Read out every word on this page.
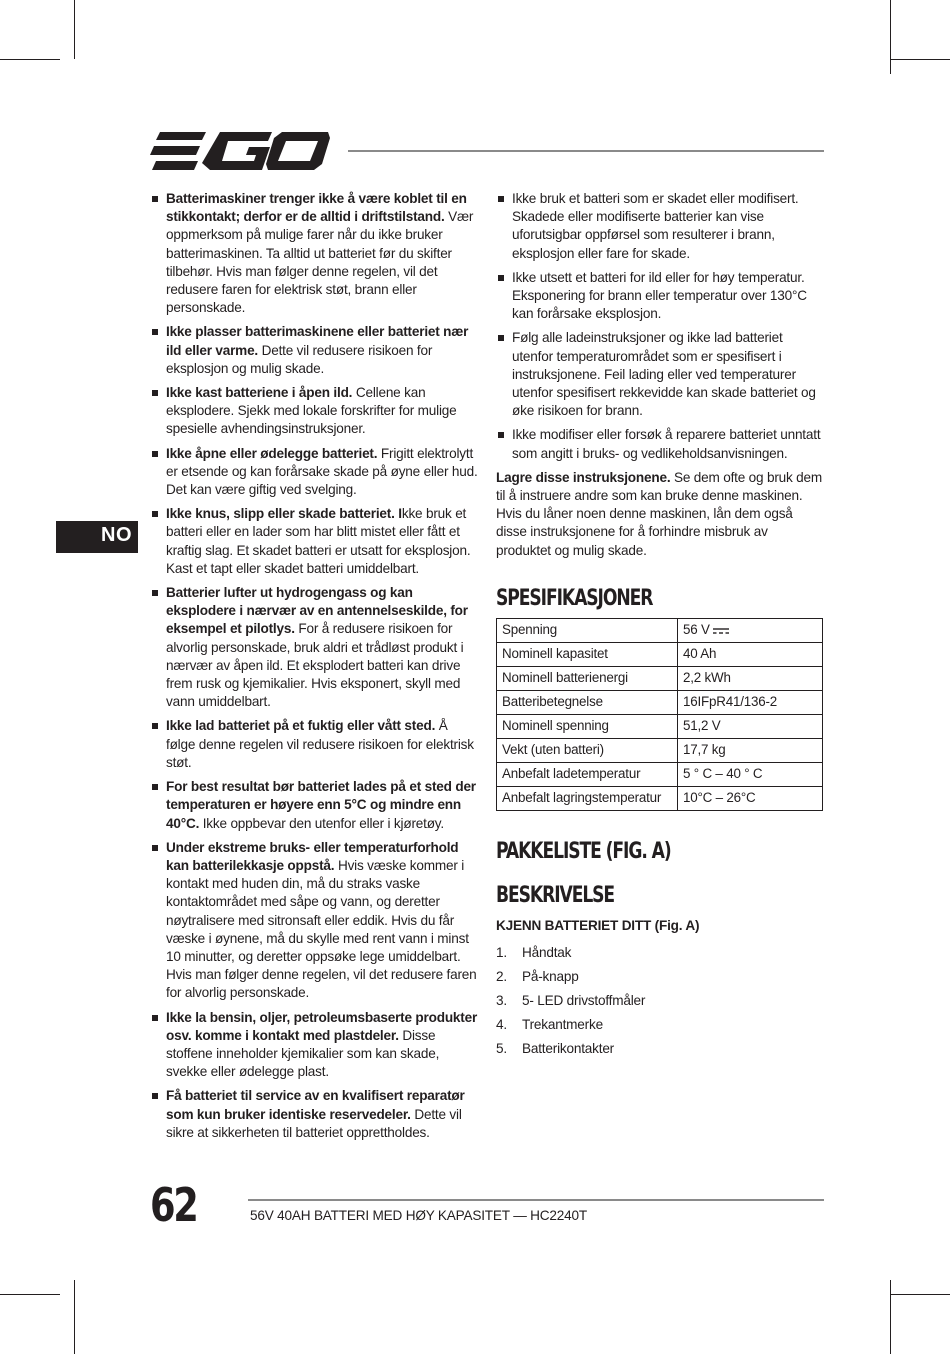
NO
Batterimaskiner trenger ikke å være koblet til en stikkontakt; derfor er de alltid i driftstilstand. Vær oppmerksom på mulige farer når du ikke bruker batterimaskinen. Ta alltid ut batteriet før du skifter tilbehør. Hvis man følger denne regelen, vil det redusere faren for elektrisk støt, brann eller personskade.
Ikke plasser batterimaskinene eller batteriet nær ild eller varme. Dette vil redusere risikoen for eksplosjon og mulig skade.
Ikke kast batteriene i åpen ild. Cellene kan eksplodere. Sjekk med lokale forskrifter for mulige spesielle avhendingsinstruksjoner.
Ikke åpne eller ødelegge batteriet. Frigitt elektrolytt er etsende og kan forårsake skade på øyne eller hud. Det kan være giftig ved svelging.
Ikke knus, slipp eller skade batteriet. Ikke bruk et batteri eller en lader som har blitt mistet eller fått et kraftig slag. Et skadet batteri er utsatt for eksplosjon. Kast et tapt eller skadet batteri umiddelbart.
Batterier lufter ut hydrogengass og kan eksplodere i nærvær av en antennelseskilde, for eksempel et pilotlys. For å redusere risikoen for alvorlig personskade, bruk aldri et trådløst produkt i nærvær av åpen ild. Et eksplodert batteri kan drive frem rusk og kjemikalier. Hvis eksponert, skyll med vann umiddelbart.
Ikke lad batteriet på et fuktig eller vått sted. Å følge denne regelen vil redusere risikoen for elektrisk støt.
For best resultat bør batteriet lades på et sted der temperaturen er høyere enn 5°C og mindre enn 40°C. Ikke oppbevar den utenfor eller i kjøretøy.
Under ekstreme bruks- eller temperaturforhold kan batterilekkasje oppstå. Hvis væske kommer i kontakt med huden din, må du straks vaske kontaktområdet med såpe og vann, og deretter nøytralisere med sitronsaft eller eddik. Hvis du får væske i øynene, må du skylle med rent vann i minst 10 minutter, og deretter oppsøke lege umiddelbart. Hvis man følger denne regelen, vil det redusere faren for alvorlig personskade.
Ikke la bensin, oljer, petroleumsbaserte produkter osv. komme i kontakt med plastdeler. Disse stoffene inneholder kjemikalier som kan skade, svekke eller ødelegge plast.
Få batteriet til service av en kvalifisert reparatør som kun bruker identiske reservedeler. Dette vil sikre at sikkerheten til batteriet opprettholdes.
Ikke bruk et batteri som er skadet eller modifisert. Skadede eller modifiserte batterier kan vise uforutsigbar oppførsel som resulterer i brann, eksplosjon eller fare for skade.
Ikke utsett et batteri for ild eller for høy temperatur. Eksponering for brann eller temperatur over 130°C kan forårsake eksplosjon.
Følg alle ladeinstruksjoner og ikke lad batteriet utenfor temperaturområdet som er spesifisert i instruksjonene. Feil lading eller ved temperaturer utenfor spesifisert rekkevidde kan skade batteriet og øke risikoen for brann.
Ikke modifiser eller forsøk å reparere batteriet unntatt som angitt i bruks- og vedlikeholdsanvisningen.

Lagre disse instruksjonene. Se dem ofte og bruk dem til å instruere andre som kan bruke denne maskinen. Hvis du låner noen denne maskinen, lån dem også disse instruksjonene for å forhindre misbruk av produktet og mulig skade.

SPESIFIKASJONER
Spenning	56 V
Nominell kapasitet	40 Ah
Nominell batterienergi	2,2 kWh
Batteribetegnelse	16IFpR41/136-2
Nominell spenning	51,2 V
Vekt (uten batteri)	17,7 kg
Anbefalt ladetemperatur	5 ° C – 40 ° C
Anbefalt lagringstemperatur	10°C – 26°C
PAKKELISTE (FIG. A)
BESKRIVELSE

KJENN BATTERIET DITT (Fig. A)

1.	Håndtak
2.	På-knapp
3.	5- LED drivstoffmåler
4.	Trekantmerke
5.	Batterikontakter
62	56V 40AH BATTERI MED HØY KAPASITET — HC2240T
